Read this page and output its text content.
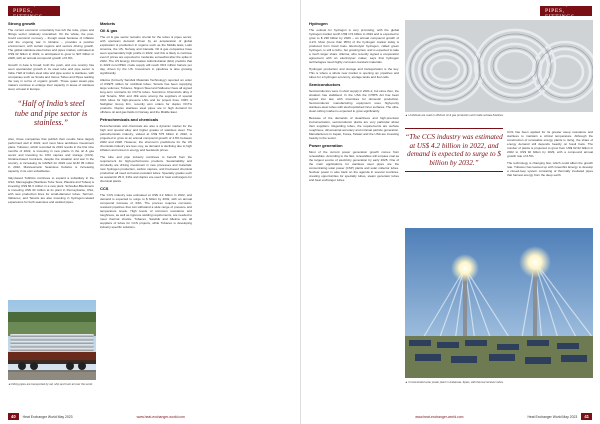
TUBES, PIPES, FITTINGS
Strong growth

The current economic uncertainty has left the tube, pipes and fittings sector relatively unscathed. On the whole, the post-Covid economic recovery – though weak because of inflation and the ongoing war in Ukraine – provides a positive environment, with certain regions and sectors driving growth. The global stainless-steel tubes and pipes market, estimated at US$ 32 billion in 2022, is anticipated to grow to $47 billion in 2028, with an annual compound growth of 6.6%.

Growth in Asia is broad; both the push, and one country has seen spectacular growth in its steel tube and pipe sector is India. Half of India's steel tube and pipe sector is stainless, with companies such as Scoda and Venus Tubes and Pipes leading the way in terms of organic growth. Those quasi steam-pipe makers continue to enlarge their capacity in areas of stainless steel, at least in Europe.

“Half of India’s steel tube and pipe sector is stainless.”

Also, those companies that publish their results have largely performed well in 2022, and most have ambitious investment plans. Tubacex, which recorded its 2019 results in the first nine months of 2022, is investing in new plants in the oil & gas sector and investing its CO2 capture and storage (CCS). Ukraine-based Centravis, despite the situation and war in the country, is increasing its CAPEX for 2023 over EUR 35 million in 2022. Mannesmann Seamless Kobelco is increasing capacity in its own subsidiaries.

Italy-based Tubificio continues to expand a subsidiary in the USA; Marcegaglia (Stainless Tube Tesis, Plastica and Tubea) is investing US$ 66.3 million in a new plant. Schoeller-Bleckmann is investing US$ 30 million at its plant in Pennsylvania, USA, with new production lines for small-diameter tubes. Ternium, Vallourec, and Tenaris are also investing in hydrogen-related expansions for both seamless and welded pipes.

Markets
Oil & gas

The oil & gas sector remains crucial for the tubes & pipes sector, with upstream demand driven by an acceleration of global exploration & production in regions such as the Middle East, Latin America, the US, Norway and Canada. Oil & gas companies have seen spectacularly high profits in 2022, and this is likely to continue even if prices are expected to moderate somewhat after the spike in 2022. The US Energy Information Administration (EIA) predicts that in 2023 non-OPEC crude supply will reach 68.6 million barrels per day, driven by the US. Investment in pipelines is also growing significantly.

Alleima (formerly Sandvik Materials Technology) reported an order of US$75 million for umbilical tubes; Tenaris has been supplying large volumes; Tubacex, Nippon Steel and Vallourec have all signed long-term contracts for OCTG tubes. Sumitomo Chemical's alloy 2 and Tenaris, NSC and JFE were among the suppliers of special CRA tubes for high-pressure LNG and for project lines. DMV, a Salzgitter Group firm, recently won orders for duplex OCTG products. Duplex stainless steel pipes are in high demand for offshore oil and gas fields in Norway and the Middle East.

Petrochemicals and chemicals

Petrochemicals and chemicals are also a dynamic market for the high and special alloy and higher grades of stainless steel. The petrochemicals industry, valued at US$ 575 billion in 2022, is projected to grow at an annual compound growth of 4.5% between 2022 and 2028. However, the short-term predictions for the US chemicals industry are less rosy, as demand is declining due to high inflation and unrest in energy and feedstock prices.

The tube and pipe industry continues to benefit from the requirement for high-performance products. Sustainability and circularity are driving investment in new processes and materials: new hydrogen production, carbon capture, and bio-based chemical production all need corrosion-resistant tubes. Specialty grades such as austenitic 25-6, 316L and duplex are used in heat exchangers for chemical plants.

CCS

The CCS industry was estimated at US$ 4.2 billion in 2022, and demand is expected to surge to $ billion by 2032, with an annual compound increase of 34%. The process requires corrosion-resistant pipelines that can withstand a wide range of pressure and temperature levels. High levels of corrosion resistance and toughness, as well as rigorous welding requirements, are needed to meet thermal shocks. Tubacex, Sandvik and Alleima are all suppliers of tubes for CCS projects, while Tubacex is developing industry-specific solutions.

◄ Fitting pipes are transported by rail, ship and truck all over the world.
40	Heat Exchanger World May 2023	www.heat-exchanger-world.com
TUBES, PIPES, FITTINGS
Hydrogen

The outlook for hydrogen is very promising, with the global hydrogen market worth US$ 174 billion in 2022 and is expected to grow to $ 230 billion by 2029 – an annual compound growth of 4.1%. Most (more than 95%) of the hydrogen market today is produced from fossil fuels. Electrolytic hydrogen, called green hydrogen, is still a niche, but growing fast, and is expected to take a much larger share. Alleima, who recently signed a cooperation agreement with an electrolyser maker, says that hydrogen technologies need highly corrosion-resistant materials.

Hydrogen production and storage and transportation is the key. This is where a whole new market is opening up: pipelines and tubes for a hydrogen economy, storage tanks and fuel cells.

Semiconductors

Semiconductors were in short supply in 2021-2, but since then, the situation has stabilised. In the USA the CHIPS Act has been signed into law, with incentives for domestic production. Semiconductor manufacturing equipment uses high-purity stainless-steel tubes with electropolished inner surfaces. The ultra-clean tubing market is expected to grow significantly.

Because of the demands of cleanliness and high-precision instrumentation, semiconductor plants are very particular about their suppliers. Regarding tubes, the requirements are surface roughness, dimensional accuracy and minimal particle generation. Manufacturers in Japan, Korea, Taiwan and the USA are investing heavily in the sector.

Power generation

Most of the current power generation growth comes from renewables. According to the IEA, renewables will surpass coal as the largest source of electricity generation by early 2025. One of the main applications for stainless steel pipes are the concentrating solar power (CSP) plants and solar collector tubes. Nuclear power is also back on the agenda in several countries, creating opportunities for specialty tubes, steam generator tubes and heat exchanger tubes.

▲ Umbilicals are used in offshore oil & gas production and inside subsea flowlines.
“The CCS industry was estimated at US$ 4.2 billion in 2022, and demand is expected to surge to $ billion by 2032.”

CCS has been applied for its greater steep resistance and stainless to maintain a critical temperature. Although the construction of renewable energy plants is rising, the share of energy demand still depends heavily on fossil fuels. The number of plants is projected to grow from US$ 62.92 billion in 2022 to US$ 92 billion by 2029, with a compound annual growth rate of 6.5%.

The technology is changing fast, which could affect the growth rate. Tubacex has teamed up with Greenfire Energy to develop a closed-loop system consisting of thermally insulated pipes that harvest energy from the deep earth.

▲ Concentrated solar power plant in Andalusia, Spain, with thermal receiver tubes.
www.heat-exchanger-world.com	Heat Exchanger World May 2023	41
